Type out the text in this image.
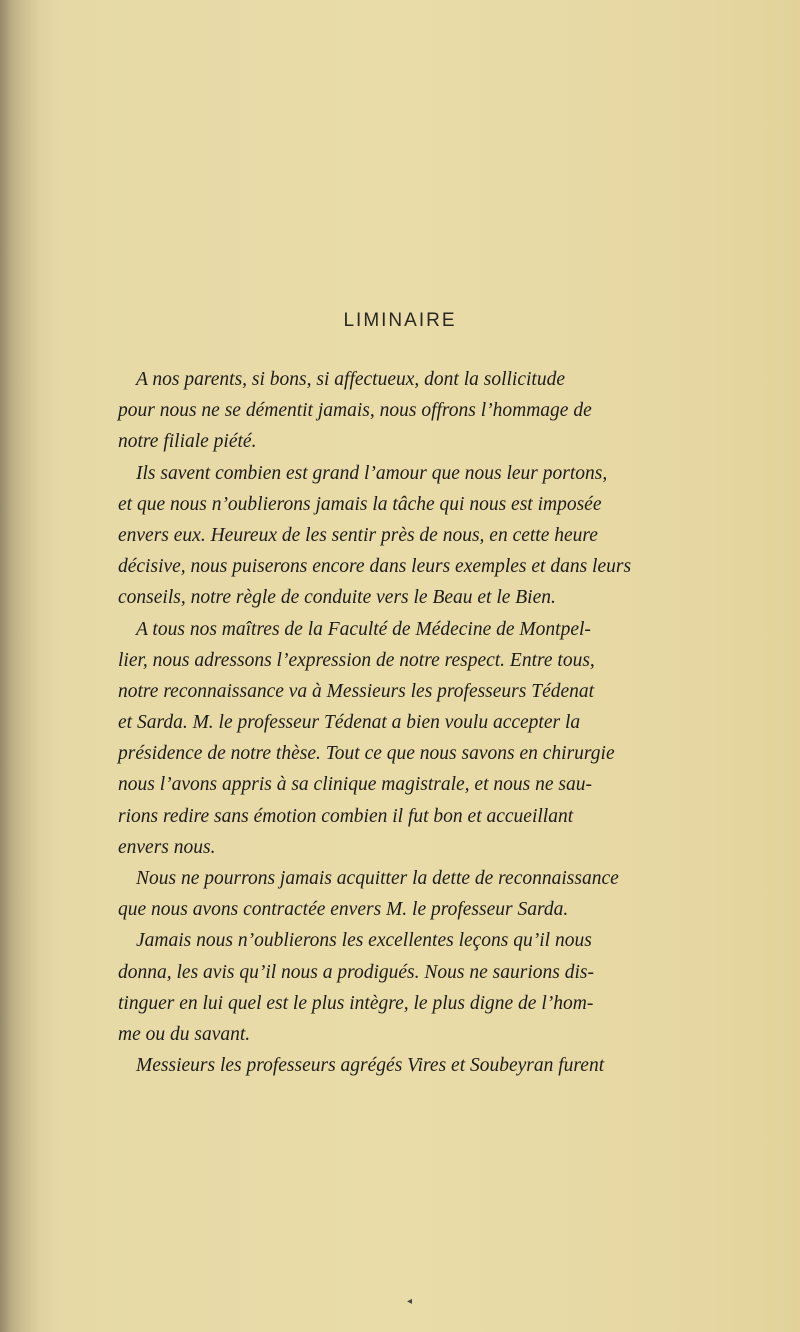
LIMINAIRE
A nos parents, si bons, si affectueux, dont la sollicitude
pour nous ne se démentit jamais, nous offrons l’hommage de
notre filiale piété.
Ils savent combien est grand l’amour que nous leur portons,
et que nous n’oublierons jamais la tâche qui nous est imposée
envers eux. Heureux de les sentir près de nous, en cette heure
décisive, nous puiserons encore dans leurs exemples et dans leurs
conseils, notre règle de conduite vers le Beau et le Bien.
A tous nos maîtres de la Faculté de Médecine de Montpel-
lier, nous adressons l’expression de notre respect. Entre tous,
notre reconnaissance va à Messieurs les professeurs Tédenat
et Sarda. M. le professeur Tédenat a bien voulu accepter la
présidence de notre thèse. Tout ce que nous savons en chirurgie
nous l’avons appris à sa clinique magistrale, et nous ne sau-
rions redire sans émotion combien il fut bon et accueillant
envers nous.
Nous ne pourrons jamais acquitter la dette de reconnaissance
que nous avons contractée envers M. le professeur Sarda.
Jamais nous n’oublierons les excellentes leçons qu’il nous
donna, les avis qu’il nous a prodigués. Nous ne saurions dis-
tinguer en lui quel est le plus intègre, le plus digne de l’hom-
me ou du savant.
Messieurs les professeurs agrégés Vires et Soubeyran furent
◂
